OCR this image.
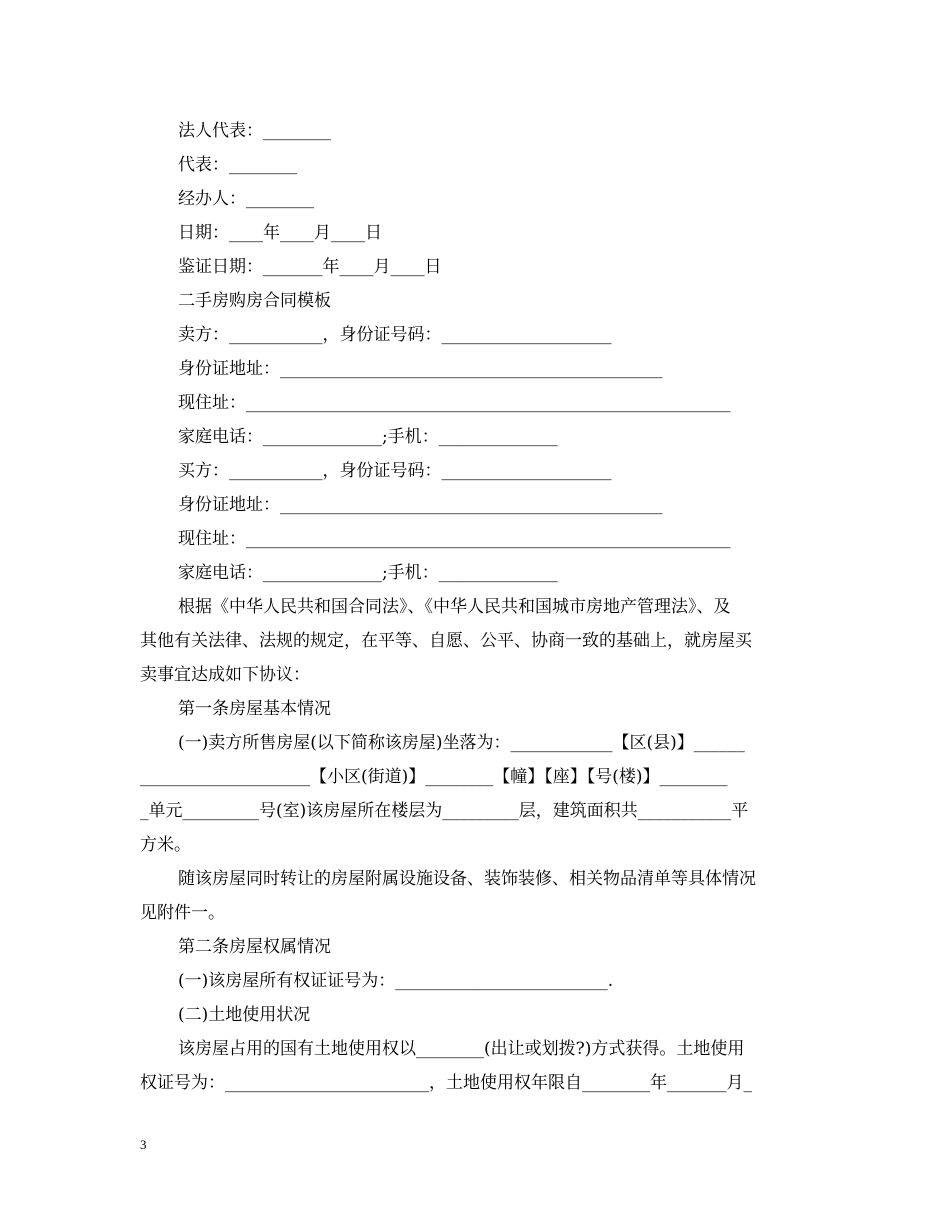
法人代表：________
代表：________
经办人：________
日期：____年____月____日
鉴证日期：_______年____月____日
二手房购房合同模板
卖方：___________，身份证号码：____________________
身份证地址：_____________________________________________
现住址：_________________________________________________________
家庭电话：______________;手机：______________
买方：___________，身份证号码：____________________
身份证地址：_____________________________________________
现住址：_________________________________________________________
家庭电话：______________;手机：______________
根据《中华人民共和国合同法》、《中华人民共和国城市房地产管理法》、及
其他有关法律、法规的规定，在平等、自愿、公平、协商一致的基础上，就房屋买
卖事宜达成如下协议：
第一条房屋基本情况
(一)卖方所售房屋(以下简称该房屋)坐落为：____________【区(县)】______
____________________【小区(街道)】________【幢】【座】【号(楼)】________
_单元_________号(室)该房屋所在楼层为_________层，建筑面积共___________平
方米。
随该房屋同时转让的房屋附属设施设备、装饰装修、相关物品清单等具体情况
见附件一。
第二条房屋权属情况
(一)该房屋所有权证证号为：_________________________.
(二)土地使用状况
该房屋占用的国有土地使用权以________(出让或划拨?)方式获得。土地使用
权证号为：________________________，土地使用权年限自________年_______月_
3
